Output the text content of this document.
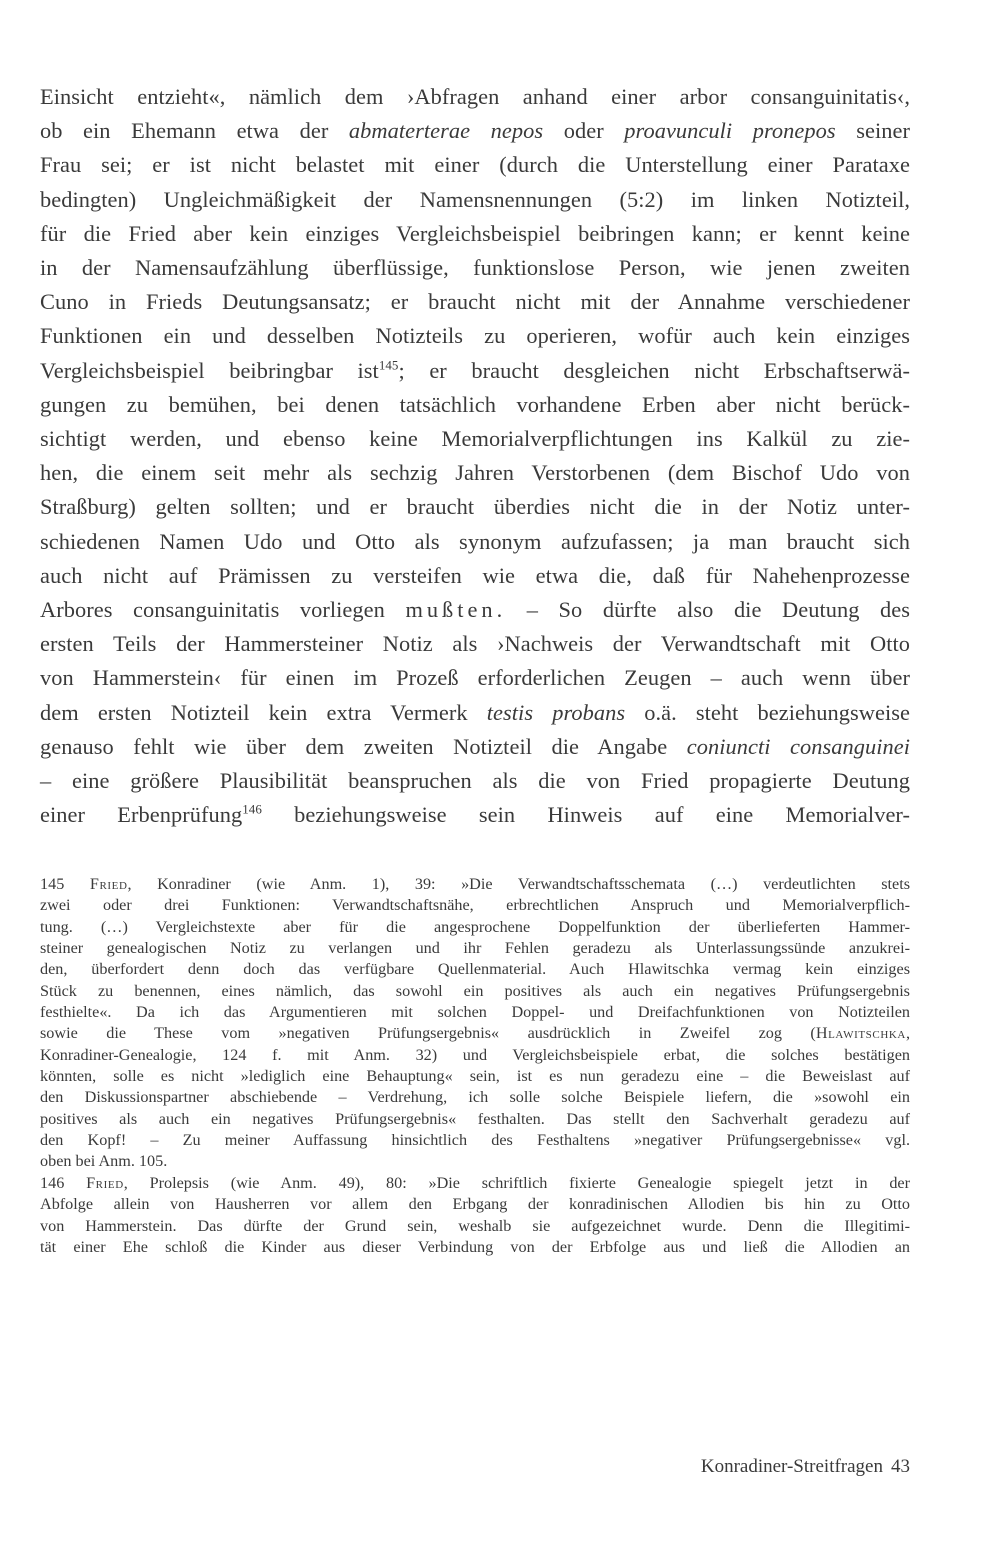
Einsicht entzieht«, nämlich dem ›Abfragen anhand einer arbor consanguinitatis‹,
ob ein Ehemann etwa der abmaterterae nepos oder proavunculi pronepos seiner
Frau sei; er ist nicht belastet mit einer (durch die Unterstellung einer Parataxe
bedingten) Ungleichmäßigkeit der Namensnennungen (5:2) im linken Notizteil,
für die Fried aber kein einziges Vergleichsbeispiel beibringen kann; er kennt keine
in der Namensaufzählung überflüssige, funktionslose Person, wie jenen zweiten
Cuno in Frieds Deutungsansatz; er braucht nicht mit der Annahme verschiedener
Funktionen ein und desselben Notizteils zu operieren, wofür auch kein einziges
Vergleichsbeispiel beibringbar ist$^{145}$; er braucht desgleichen nicht Erbschaftserwä-
gungen zu bemühen, bei denen tatsächlich vorhandene Erben aber nicht berück-
sichtigt werden, und ebenso keine Memorialverpflichtungen ins Kalkül zu zie-
hen, die einem seit mehr als sechzig Jahren Verstorbenen (dem Bischof Udo von
Straßburg) gelten sollten; und er braucht überdies nicht die in der Notiz unter-
schiedenen Namen Udo und Otto als synonym aufzufassen; ja man braucht sich
auch nicht auf Prämissen zu versteifen wie etwa die, daß für Nahehenprozesse
Arbores consanguinitatis vorliegen mußten. – So dürfte also die Deutung des
ersten Teils der Hammersteiner Notiz als ›Nachweis der Verwandtschaft mit Otto
von Hammerstein‹ für einen im Prozeß erforderlichen Zeugen – auch wenn über
dem ersten Notizteil kein extra Vermerk testis probans o.ä. steht beziehungsweise
genauso fehlt wie über dem zweiten Notizteil die Angabe coniuncti consanguinei
– eine größere Plausibilität beanspruchen als die von Fried propagierte Deutung
einer Erbenprüfung$^{146}$ beziehungsweise sein Hinweis auf eine Memorialver-
145 Fried, Konradiner (wie Anm. 1), 39: »Die Verwandtschaftsschemata (…) verdeutlichten stets
zwei oder drei Funktionen: Verwandtschaftsnähe, erbrechtlichen Anspruch und Memorialverpflich-
tung. (…) Vergleichstexte aber für die angesprochene Doppelfunktion der überlieferten Hammer-
steiner genealogischen Notiz zu verlangen und ihr Fehlen geradezu als Unterlassungssünde anzukrei-
den, überfordert denn doch das verfügbare Quellenmaterial. Auch Hlawitschka vermag kein einziges
Stück zu benennen, eines nämlich, das sowohl ein positives als auch ein negatives Prüfungsergebnis
festhielte«. Da ich das Argumentieren mit solchen Doppel- und Dreifachfunktionen von Notizteilen
sowie die These vom »negativen Prüfungsergebnis« ausdrücklich in Zweifel zog (Hlawitschka,
Konradiner-Genealogie, 124 f. mit Anm. 32) und Vergleichsbeispiele erbat, die solches bestätigen
könnten, solle es nicht »lediglich eine Behauptung« sein, ist es nun geradezu eine – die Beweislast auf
den Diskussionspartner abschiebende – Verdrehung, ich solle solche Beispiele liefern, die »sowohl ein
positives als auch ein negatives Prüfungsergebnis« festhalten. Das stellt den Sachverhalt geradezu auf
den Kopf! – Zu meiner Auffassung hinsichtlich des Festhaltens »negativer Prüfungsergebnisse« vgl.
oben bei Anm. 105.
146 Fried, Prolepsis (wie Anm. 49), 80: »Die schriftlich fixierte Genealogie spiegelt jetzt in der
Abfolge allein von Hausherren vor allem den Erbgang der konradinischen Allodien bis hin zu Otto
von Hammerstein. Das dürfte der Grund sein, weshalb sie aufgezeichnet wurde. Denn die Illegitimi-
tät einer Ehe schloß die Kinder aus dieser Verbindung von der Erbfolge aus und ließ die Allodien an
Konradiner-Streitfragen 43
